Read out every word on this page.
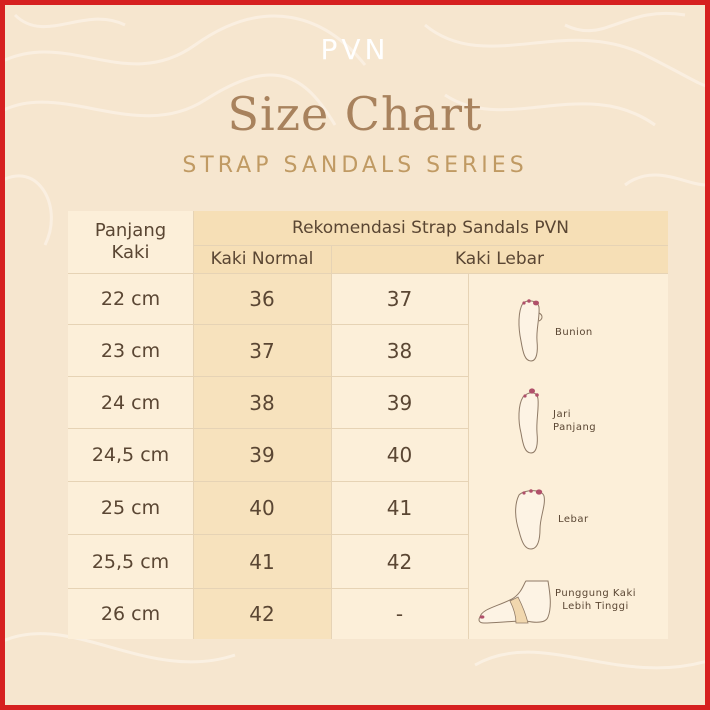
PVN
Size Chart
STRAP SANDALS SERIES
Panjang
Kaki
Rekomendasi Strap Sandals PVN
Kaki Normal	Kaki Lebar
22 cm	36	37
23 cm	37	38
24 cm	38	39
24,5 cm	39	40
25 cm	40	41
25,5 cm	41	42
26 cm	42	-
Bunion
Jari
Panjang
Lebar
Punggung Kaki
Lebih Tinggi
